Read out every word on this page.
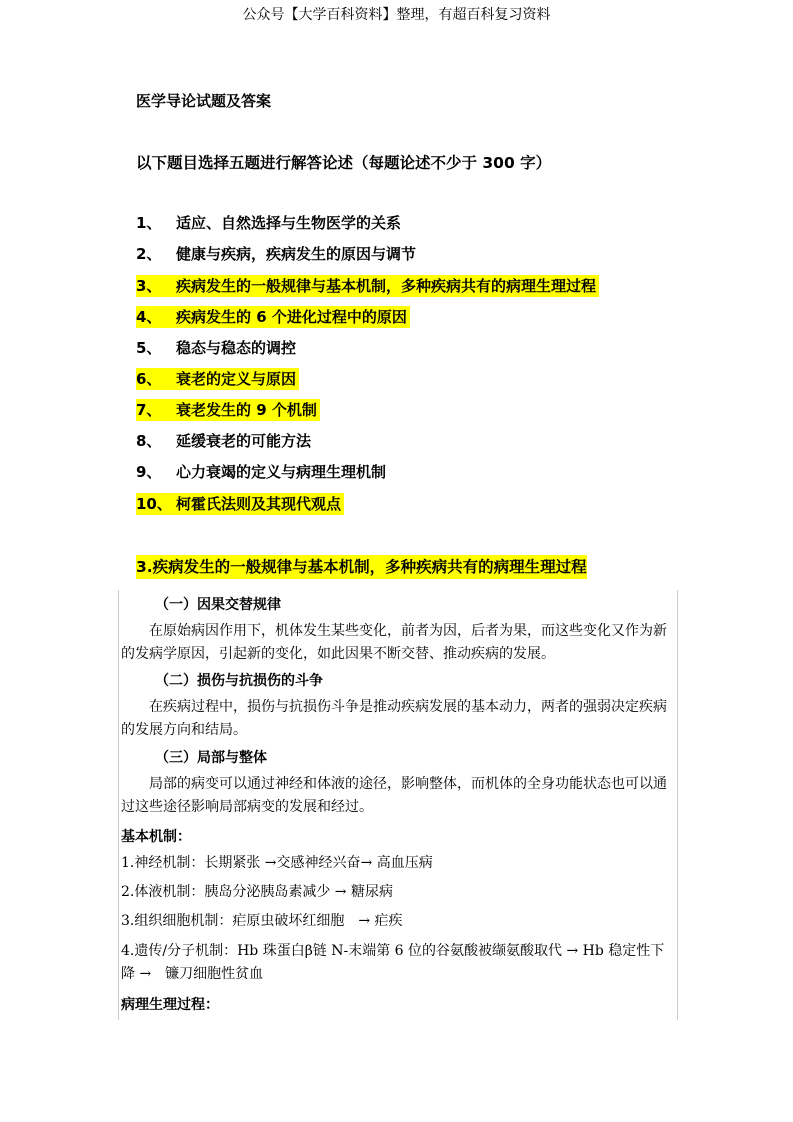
公众号【大学百科资料】整理，有超百科复习资料
医学导论试题及答案
以下题目选择五题进行解答论述（每题论述不少于 300 字）
1、 适应、自然选择与生物医学的关系
2、 健康与疾病，疾病发生的原因与调节
3、 疾病发生的一般规律与基本机制，多种疾病共有的病理生理过程
4、 疾病发生的 6 个进化过程中的原因
5、 稳态与稳态的调控
6、 衰老的定义与原因
7、 衰老发生的 9 个机制
8、 延缓衰老的可能方法
9、 心力衰竭的定义与病理生理机制
10、 柯霍氏法则及其现代观点
3.疾病发生的一般规律与基本机制，多种疾病共有的病理生理过程
（一）因果交替规律
在原始病因作用下，机体发生某些变化，前者为因，后者为果，而这些变化又作为新的发病学原因，引起新的变化，如此因果不断交替、推动疾病的发展。
（二）损伤与抗损伤的斗争
在疾病过程中，损伤与抗损伤斗争是推动疾病发展的基本动力，两者的强弱决定疾病的发展方向和结局。
（三）局部与整体
局部的病变可以通过神经和体液的途径，影响整体，而机体的全身功能状态也可以通过这些途径影响局部病变的发展和经过。
基本机制：
1.神经机制：长期紧张 →交感神经兴奋→ 高血压病
2.体液机制：胰岛分泌胰岛素减少 → 糖尿病
3.组织细胞机制：疟原虫破坏红细胞　→ 疟疾
4.遗传/分子机制：Hb 珠蛋白β链 N-末端第 6 位的谷氨酸被缬氨酸取代 → Hb 稳定性下降 →　镰刀细胞性贫血
病理生理过程：
